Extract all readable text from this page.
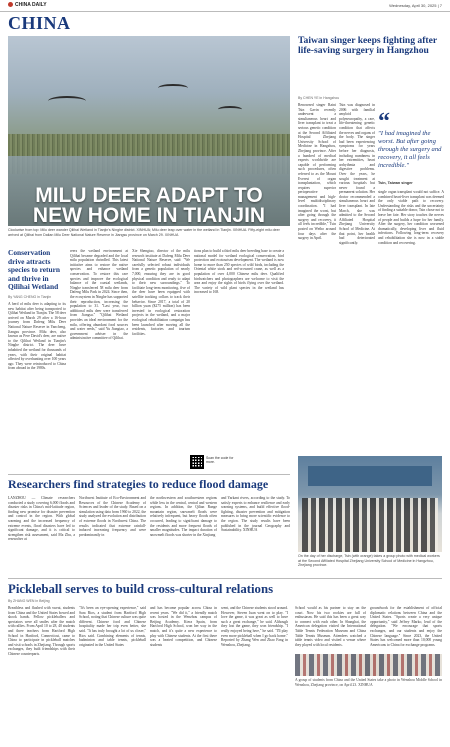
CHINA DAILY	Wednesday, April 30, 2025 | 7
CHINA
MILU DEER ADAPT TO NEW HOME IN TIANJIN
Clockwise from top: Milu deer wander Qilihai Wetland in Tianjin's Ninghe district. XINHUA; Milu deer leap over water in the wetland in Tianjin. XINHUA. Fifty-eight milu deer arrived at Qilihai from Dalian Milu Deer National Nature Reserve in Jiangsu province on March 29. XINHUA
Conservation drive attracts species to return and thrive in Qilihai Wetland
By YANG CHENG in Tianjin
A herd of milu deer is adapting to its new habitat after being transported to Qilihai Wetland in Tianjin. The 58 deer arrived on March 29 after a 16-hour journey from Dafeng Milu Deer National Nature Reserve in Yancheng, Jiangsu province. Milu deer, also known as Pere David's deer, are native to the Qilihai Wetland in Tianjin's Ninghe district. The deer have inhabited the wetland for thousands of years, with their original habitat affected by overhunting over 100 years ago. They were reintroduced to China from abroad in the 1980s.
reers the wetland environment at Qilihai became degraded and the local milu population dwindled. This latest initiative aims to restore the native species and enhance wetland conservation. To restore this rare species and improve the ecological balance of the coastal wetlands, Ninghe transferred 58 milu deer from Dafeng Milu Park in 2024. Since then, the ecosystem in Ninghe has supported their reproduction, increasing the population to 31. "Last year, two additional milu deer were transferred from Jiangsu." "Qilihai Wetland provides an ideal environment for the milu, offering abundant food sources and water reeds," said Yu Jiangtao, a government adviser in the administrative committee of Qilihai.
Xie Shengtao, director of the milu research institute at Dafeng Milu Deer National Nature Reserve, said: "We carefully selected robust individuals from a genetic population of nearly 7,000, ensuring they are in good physical condition and ready to adapt to their new surroundings." To facilitate long-term monitoring, five of the deer have been equipped with satellite tracking collars to track their behavior. Since 2017, a total of 20 billion yuan ($275 million) has been invested in ecological restoration projects in the wetland, and a major ecological rehabilitation campaign has been launched after moving all the residents, factories and tourism facilities.
tions plan to build a third milu deer breeding base to create a national model for wetland ecological conservation, bird protection and ecotourism development. The wetland is now home to more than 250 species of wild birds, including the Oriental white stork and red-crowned crane, as well as a population of over 4,000 Chinese milu deer. Qualified birdwatchers and photographers are welcome to visit the area and enjoy the sights of birds flying over the wetland. The variety of wild plant species in the wetland has increased to 168.
Scan the code for more.
Taiwan singer keeps fighting after life-saving surgery in Hangzhou
By CHEN YE in Hangzhou
Renowned singer Raini Tsin Gavin recently underwent a simultaneous heart and liver transplant to treat a serious genetic condition at the Second Affiliated Hospital Zhejiang University School of Medicine in Hangzhou, Zhejiang province. After a hundred of medical experts worldwide are capable of performing such procedures, often referred to as the Mount Everest of organ transplantation, which requires superior perioperative management and high-level multidisciplinary coordination. "I had imagined the worst, but after going through the surgery and recovery, it all feels incredible," Tsin posted on Weibo around four days after the surgery in April.
Tsin was diagnosed in 2006 with familial amyloid polyneuropathy, a rare, life-threatening genetic condition that affects the nerves and organs of the body. The singer had been experiencing symptoms for years before her diagnosis, including numbness in her extremities, heart arrhythmia and digestive problems. Over the years, he sought treatment at various hospitals but never found a permanent solution. Her doctor recommended a simultaneous heart and liver transplant. In late March, she was admitted to the Second Affiliated Hospital Zhejiang University School of Medicine. At that point, her health had deteriorated significantly.
“
"I had imagined the worst. But after going through the surgery and recovery, it all feels incredible."
Tsin, Taiwan singer
single organ transplant would not suffice. A combined heart-liver transplant was deemed the only viable path to recovery. Understanding the risks and the uncertainty of finding a suitable donor, Tsin chose not to leave her fate. Her story touches the nerves of people and builds a hope for her family. After the surgery, her condition worsened dramatically, developing liver and fluid infections. Following long-term recovery and rehabilitation she is now in a stable condition and recovering.
On the day of her discharge, Tsin (with orange) takes a group photo with medical workers at the Second Affiliated Hospital Zhejiang University School of Medicine in Hangzhou, Zhejiang province.
Researchers find strategies to reduce flood damage
LANZHOU — Climate researchers conducted a study covering 6,000 floods and disaster risks in China's mid-latitude region, finding new promise for disaster prevention and control in the region. With global warming and the increased frequency of extreme events, flood disasters have led to significant damage, and it is critical to strengthen risk assessment, said Ma Zhu, a researcher at
Northwest Institute of Eco-Environment and Resources of the Chinese Academy of Sciences and leader of the study. Based on a simulation using data from 1960 to 2022, the study analyzed the evolution and distribution of extreme floods in Northwest China. The results indicated that extreme rainfall-induced increasing frequency and were predominantly in
the northwestern and southwestern regions while less in the central, central and western regions. In addition, the Qilian Range mountain region, snowmelt floods were relatively infrequent, but heavy floods often occurred, leading to significant damage to the residents and more frequent floods of smaller magnitudes. The impact duration of snowmelt floods was shorter in the Xinjiang
and Yarkant rivers, according to the study. To satisfy experts to enhance resilience and early warning systems, and build effective flood-fighting, disaster prevention and mitigation measures to bring more scientific evidence to the region. The study results have been published in the journal Geography and Sustainability. XINHUA
Pickleball serves to build cross-cultural relations
By ZHANG WEN in Beijing
Breathless and flushed with sweat, students from China and the United States bowed and shook hands. Fellow pickleballers and spectators were all smiles after the match with rallies. From April 10 to 28, 40 students and three teachers from Hartford High School in Hartford, Connecticut, came to China to participate in pickleball matches and visit schools in Zhejiang. Through sports exchanges, they built friendships with their Chinese counterparts.
"It's been an eye-opening experience," said Sara Rios, a student from Hartford High School, noting that Chinese culture was quite different. Chinese food and Chinese hospitality made her trip even better, she said. "It has truly brought a lot of us closer," Rios said. Combining elements of tennis, badminton and table tennis, pickleball originated in the United States
and has become popular across China in recent years. "We did it," a friendly match was hosted in the Wenzhou campus of Beijing Academy. Kiera Spain, from Hartford High School, won her way in the match, and it's quite a new experience to play with Chinese students. At the first there was a heated competition, and Chinese students
went, and the Chinese students stood around. However, Steven Juan went on to play. "I love the game, it was great as well to have such a great exchange," he said. Although they lost the game, they won friendship. "I really enjoyed being here," he said. "I'll play even more pickleball when I go back home." Reported by Zhang Wen and Zhao Fang in Wenzhou, Zhejiang.
School would as his partner to stay on the court. Now his two rookies are full of enthusiasm. He said this has been a great way to connect with each other. In Shanghai, the American delegation visited the International Table Tennis Federation Museum and China Table Tennis Museum. Attendees watched a table tennis video and visited a venue where they played with local residents.
groundwork for the establishment of official diplomatic relations between China and the United States. "Sports create a very unique opportunity," said Jeffrey Marko, lead of the delegation. "We encourage that sports exchanges, and our students and enjoy the Chinese language." Since 2023, the United States has welcomed more than 10,000 young Americans to China for exchange programs.
A group of students from China and the United States take a photo in Wenzhou Middle School in Wenzhou, Zhejiang province, on April 23. XINHUA
